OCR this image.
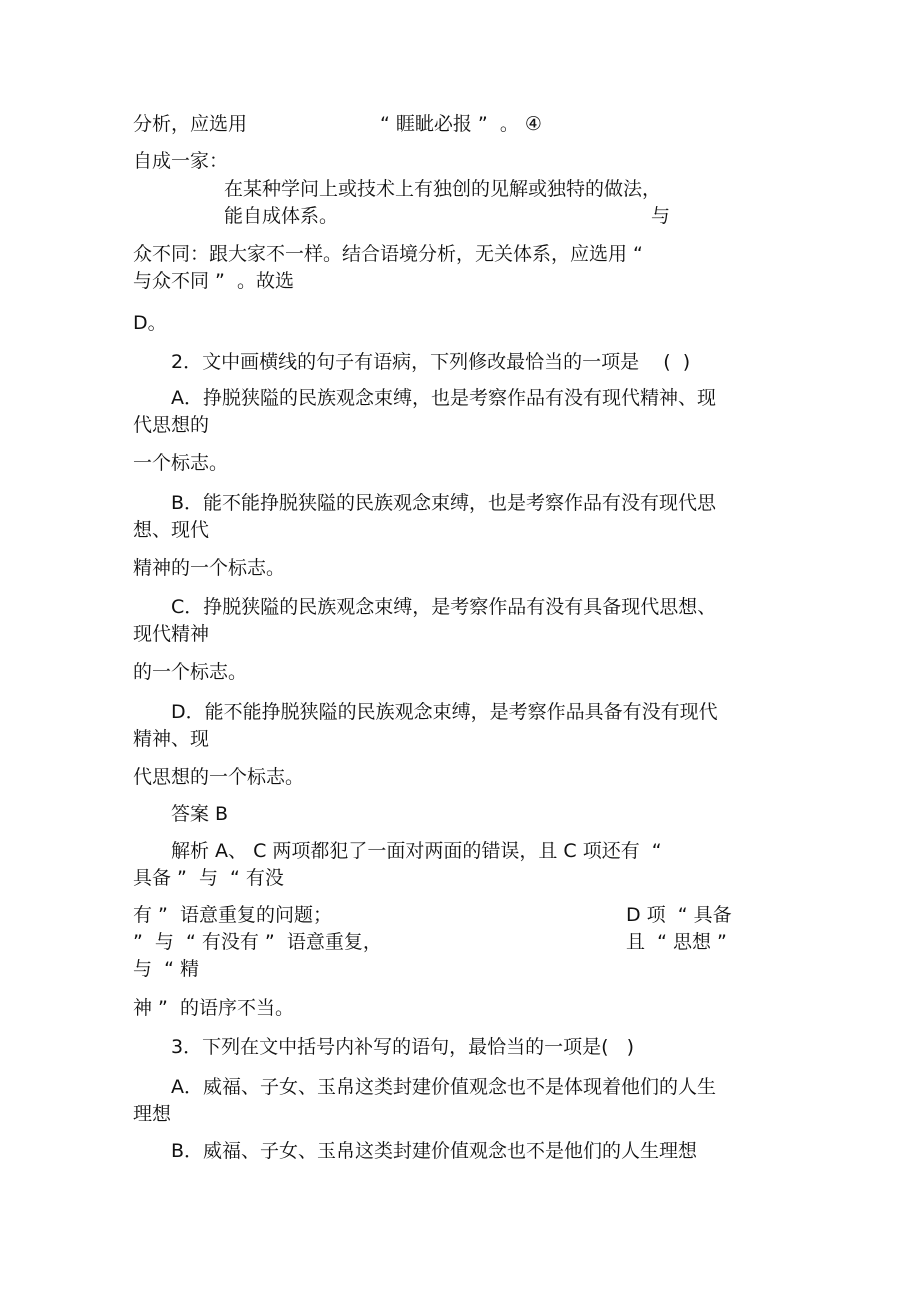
分析，应选用	“ 睚眦必报 ”  。 ④
自成一家：
在某种学问上或技术上有独创的见解或独特的做法，
能自成体系。	与
众不同：跟大家不一样。结合语境分析，无关体系，应选用 “
与众不同 ”  。故选
D。
2．文中画横线的句子有语病，下列修改最恰当的一项是    (  )
A．挣脱狭隘的民族观念束缚，也是考察作品有没有现代精神、现
代思想的
一个标志。
B．能不能挣脱狭隘的民族观念束缚，也是考察作品有没有现代思
想、现代
精神的一个标志。
C．挣脱狭隘的民族观念束缚，是考察作品有没有具备现代思想、
现代精神
的一个标志。
D．能不能挣脱狭隘的民族观念束缚，是考察作品具备有没有现代
精神、现
代思想的一个标志。
答案 B
解析 A、 C 两项都犯了一面对两面的错误，且 C 项还有  “
具备 ”  与  “ 有没
有 ”  语意重复的问题；	D 项  “ 具备
”  与  “ 有没有 ”  语意重复，	且  “ 思想 ”
与  “ 精
神 ”  的语序不当。
3．下列在文中括号内补写的语句，最恰当的一项是(   )
A．威福、子女、玉帛这类封建价值观念也不是体现着他们的人生
理想
B．威福、子女、玉帛这类封建价值观念也不是他们的人生理想
